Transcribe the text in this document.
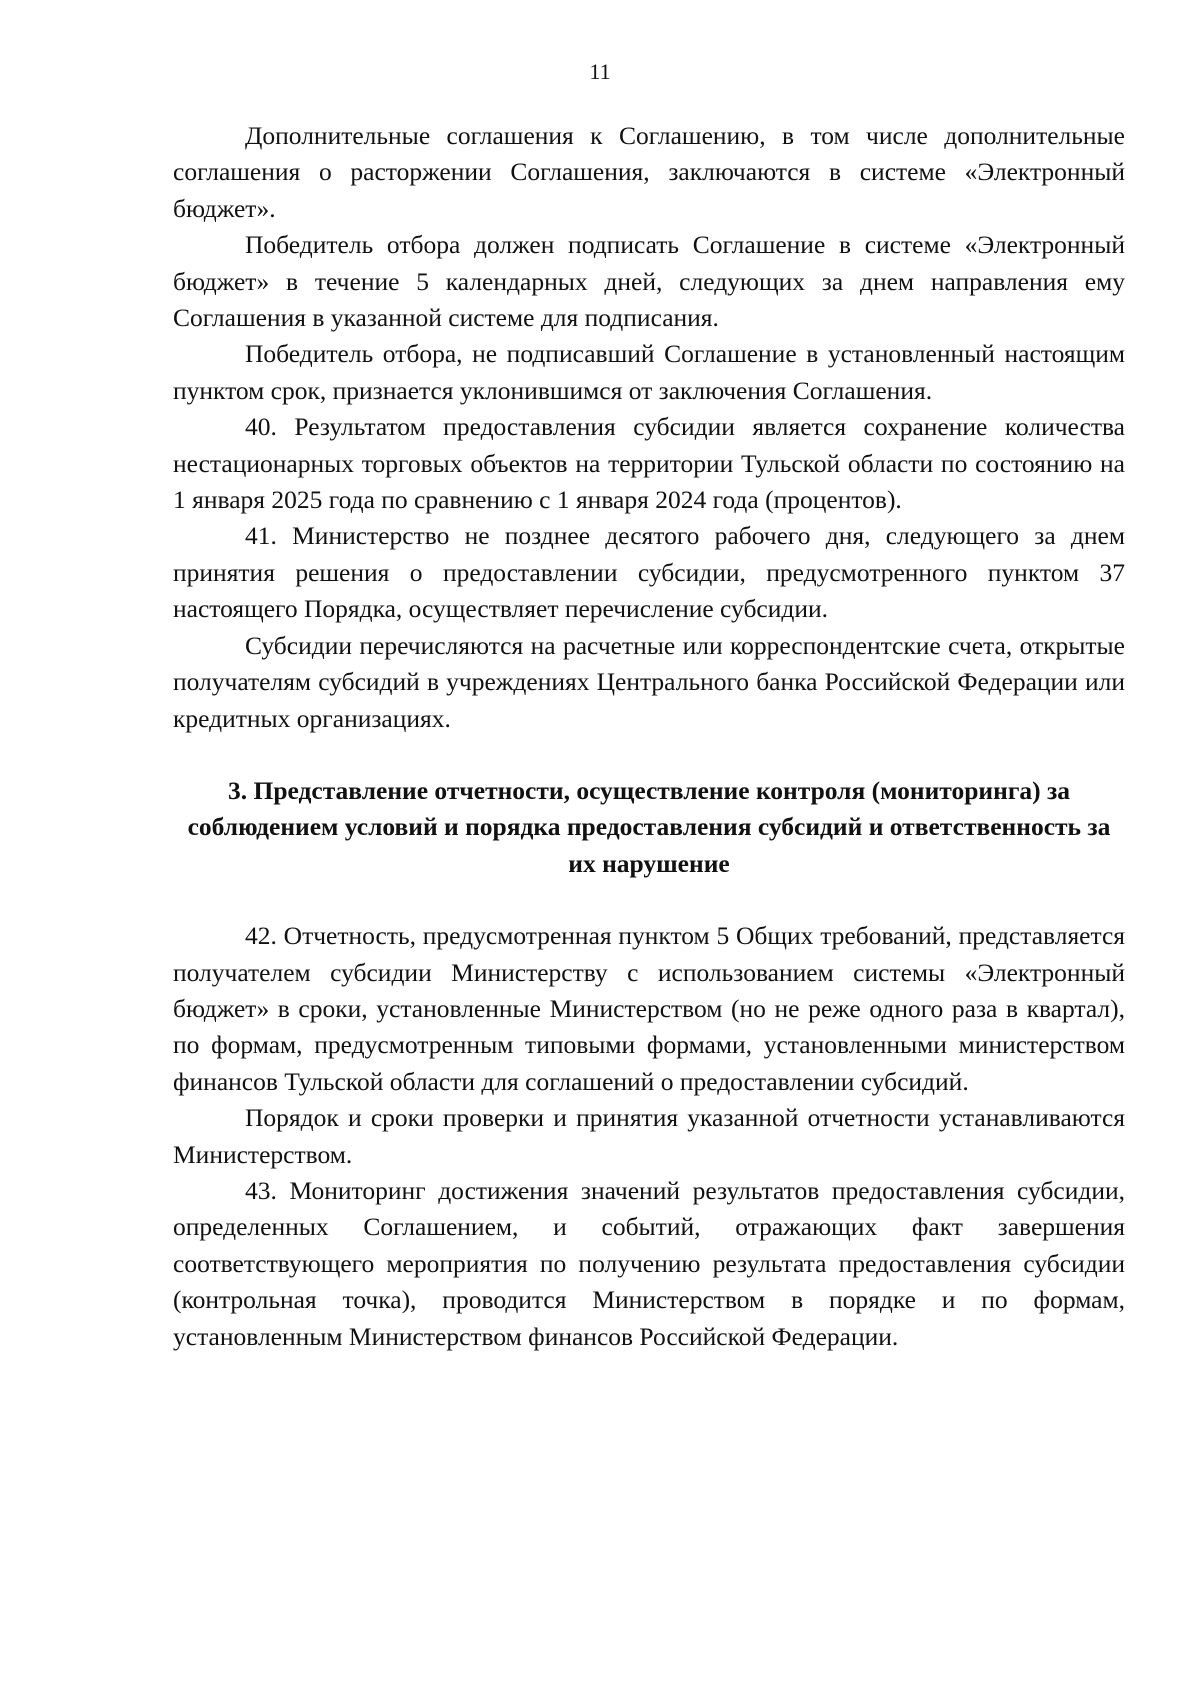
11

Дополнительные соглашения к Соглашению, в том числе дополнительные соглашения о расторжении Соглашения, заключаются в системе «Электронный бюджет».

Победитель отбора должен подписать Соглашение в системе «Электронный бюджет» в течение 5 календарных дней, следующих за днем направления ему Соглашения в указанной системе для подписания.

Победитель отбора, не подписавший Соглашение в установленный настоящим пунктом срок, признается уклонившимся от заключения Соглашения.

40. Результатом предоставления субсидии является сохранение количества нестационарных торговых объектов на территории Тульской области по состоянию на 1 января 2025 года по сравнению с 1 января 2024 года (процентов).

41. Министерство не позднее десятого рабочего дня, следующего за днем принятия решения о предоставлении субсидии, предусмотренного пунктом 37 настоящего Порядка, осуществляет перечисление субсидии.

Субсидии перечисляются на расчетные или корреспондентские счета, открытые получателям субсидий в учреждениях Центрального банка Российской Федерации или кредитных организациях.

3. Представление отчетности, осуществление контроля (мониторинга) за соблюдением условий и порядка предоставления субсидий и ответственность за их нарушение

42. Отчетность, предусмотренная пунктом 5 Общих требований, представляется получателем субсидии Министерству с использованием системы «Электронный бюджет» в сроки, установленные Министерством (но не реже одного раза в квартал), по формам, предусмотренным типовыми формами, установленными министерством финансов Тульской области для соглашений о предоставлении субсидий.

Порядок и сроки проверки и принятия указанной отчетности устанавливаются Министерством.

43. Мониторинг достижения значений результатов предоставления субсидии, определенных Соглашением, и событий, отражающих факт завершения соответствующего мероприятия по получению результата предоставления субсидии (контрольная точка), проводится Министерством в порядке и по формам, установленным Министерством финансов Российской Федерации.
